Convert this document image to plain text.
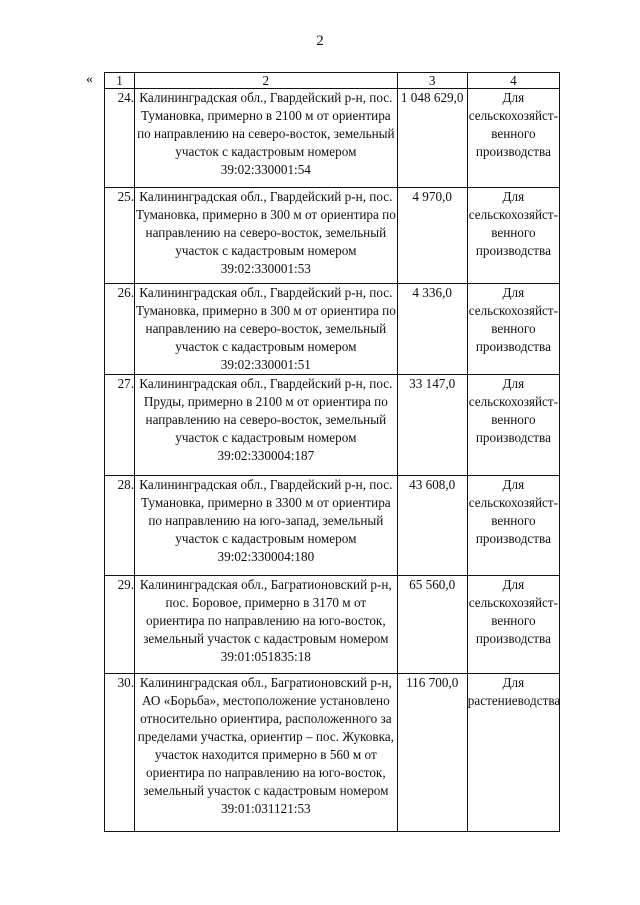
2
« 1	2	3	4
24.	Калининградская обл., Гвардейский р-н, пос. Тумановка, примерно в 2100 м от ориентира по направлению на северо-восток, земельный участок с кадастровым номером 39:02:330001:54	1 048 629,0	Для сельскохозяйст-венного производства
25.	Калининградская обл., Гвардейский р-н, пос. Тумановка, примерно в 300 м от ориентира по направлению на северо-восток, земельный участок с кадастровым номером 39:02:330001:53	4 970,0	Для сельскохозяйст-венного производства
26.	Калининградская обл., Гвардейский р-н, пос. Тумановка, примерно в 300 м от ориентира по направлению на северо-восток, земельный участок с кадастровым номером 39:02:330001:51	4 336,0	Для сельскохозяйст-венного производства
27.	Калининградская обл., Гвардейский р-н, пос. Пруды, примерно в 2100 м от ориентира по направлению на северо-восток, земельный участок с кадастровым номером 39:02:330004:187	33 147,0	Для сельскохозяйст-венного производства
28.	Калининградская обл., Гвардейский р-н, пос. Тумановка, примерно в 3300 м от ориентира по направлению на юго-запад, земельный участок с кадастровым номером 39:02:330004:180	43 608,0	Для сельскохозяйст-венного производства
29.	Калининградская обл., Багратионовский р-н, пос. Боровое, примерно в 3170 м от ориентира по направлению на юго-восток, земельный участок с кадастровым номером 39:01:051835:18	65 560,0	Для сельскохозяйст-венного производства
30.	Калининградская обл., Багратионовский р-н, АО «Борьба», местоположение установлено относительно ориентира, расположенного за пределами участка, ориентир – пос. Жуковка, участок находится примерно в 560 м от ориентира по направлению на юго-восток, земельный участок с кадастровым номером 39:01:031121:53	116 700,0	Для растениеводства
